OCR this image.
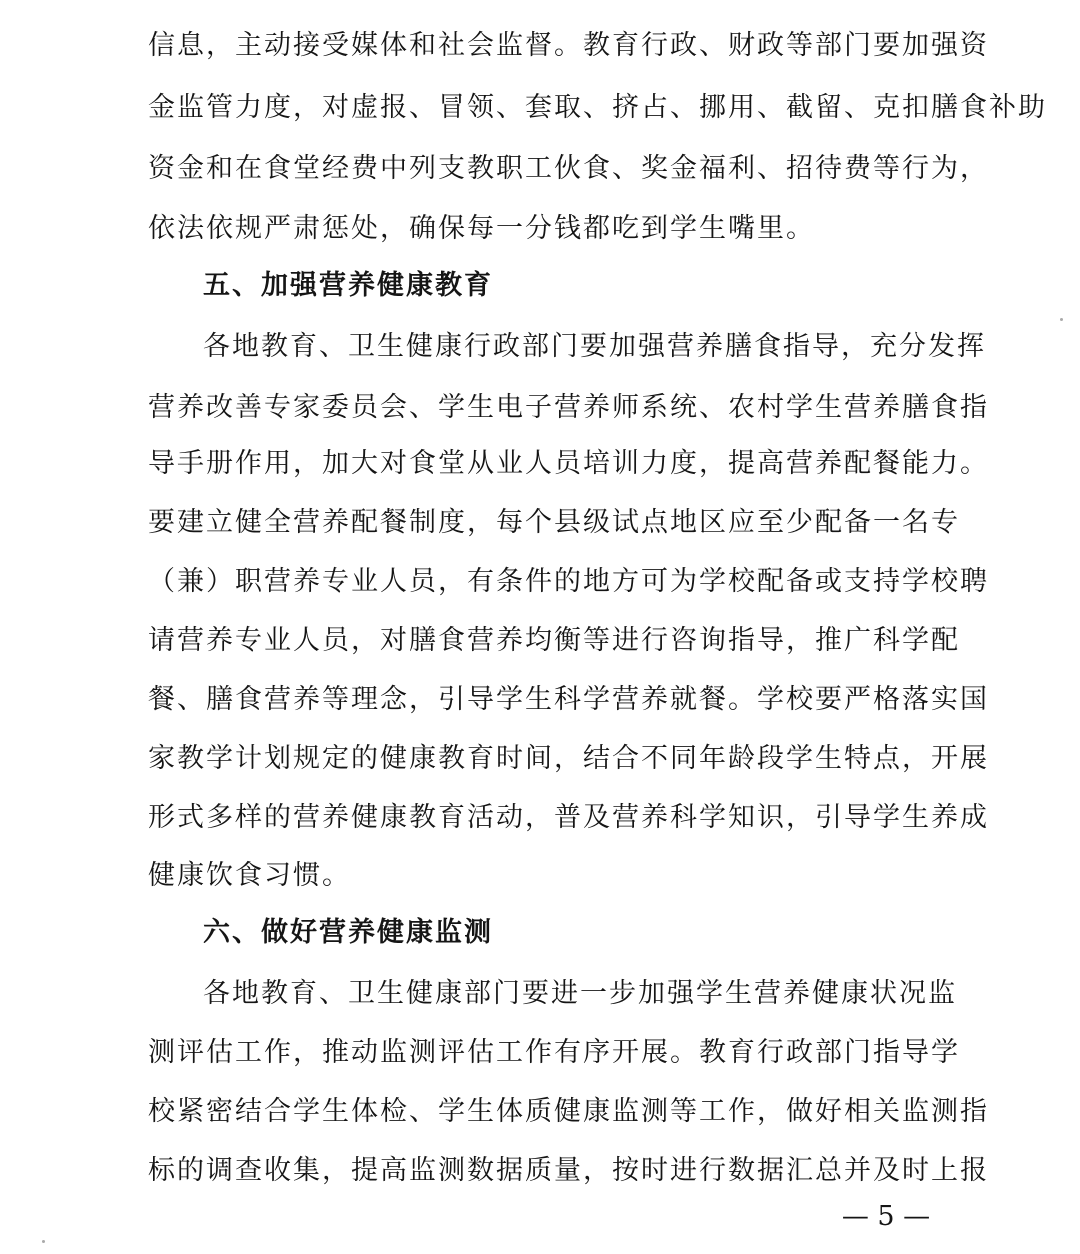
信息，主动接受媒体和社会监督。教育行政、财政等部门要加强资
金监管力度，对虚报、冒领、套取、挤占、挪用、截留、克扣膳食补助
资金和在食堂经费中列支教职工伙食、奖金福利、招待费等行为，
依法依规严肃惩处，确保每一分钱都吃到学生嘴里。
五、加强营养健康教育
各地教育、卫生健康行政部门要加强营养膳食指导，充分发挥
营养改善专家委员会、学生电子营养师系统、农村学生营养膳食指
导手册作用，加大对食堂从业人员培训力度，提高营养配餐能力。
要建立健全营养配餐制度，每个县级试点地区应至少配备一名专
（兼）职营养专业人员，有条件的地方可为学校配备或支持学校聘
请营养专业人员，对膳食营养均衡等进行咨询指导，推广科学配
餐、膳食营养等理念，引导学生科学营养就餐。学校要严格落实国
家教学计划规定的健康教育时间，结合不同年龄段学生特点，开展
形式多样的营养健康教育活动，普及营养科学知识，引导学生养成
健康饮食习惯。
六、做好营养健康监测
各地教育、卫生健康部门要进一步加强学生营养健康状况监
测评估工作，推动监测评估工作有序开展。教育行政部门指导学
校紧密结合学生体检、学生体质健康监测等工作，做好相关监测指
标的调查收集，提高监测数据质量，按时进行数据汇总并及时上报
— 5 —
